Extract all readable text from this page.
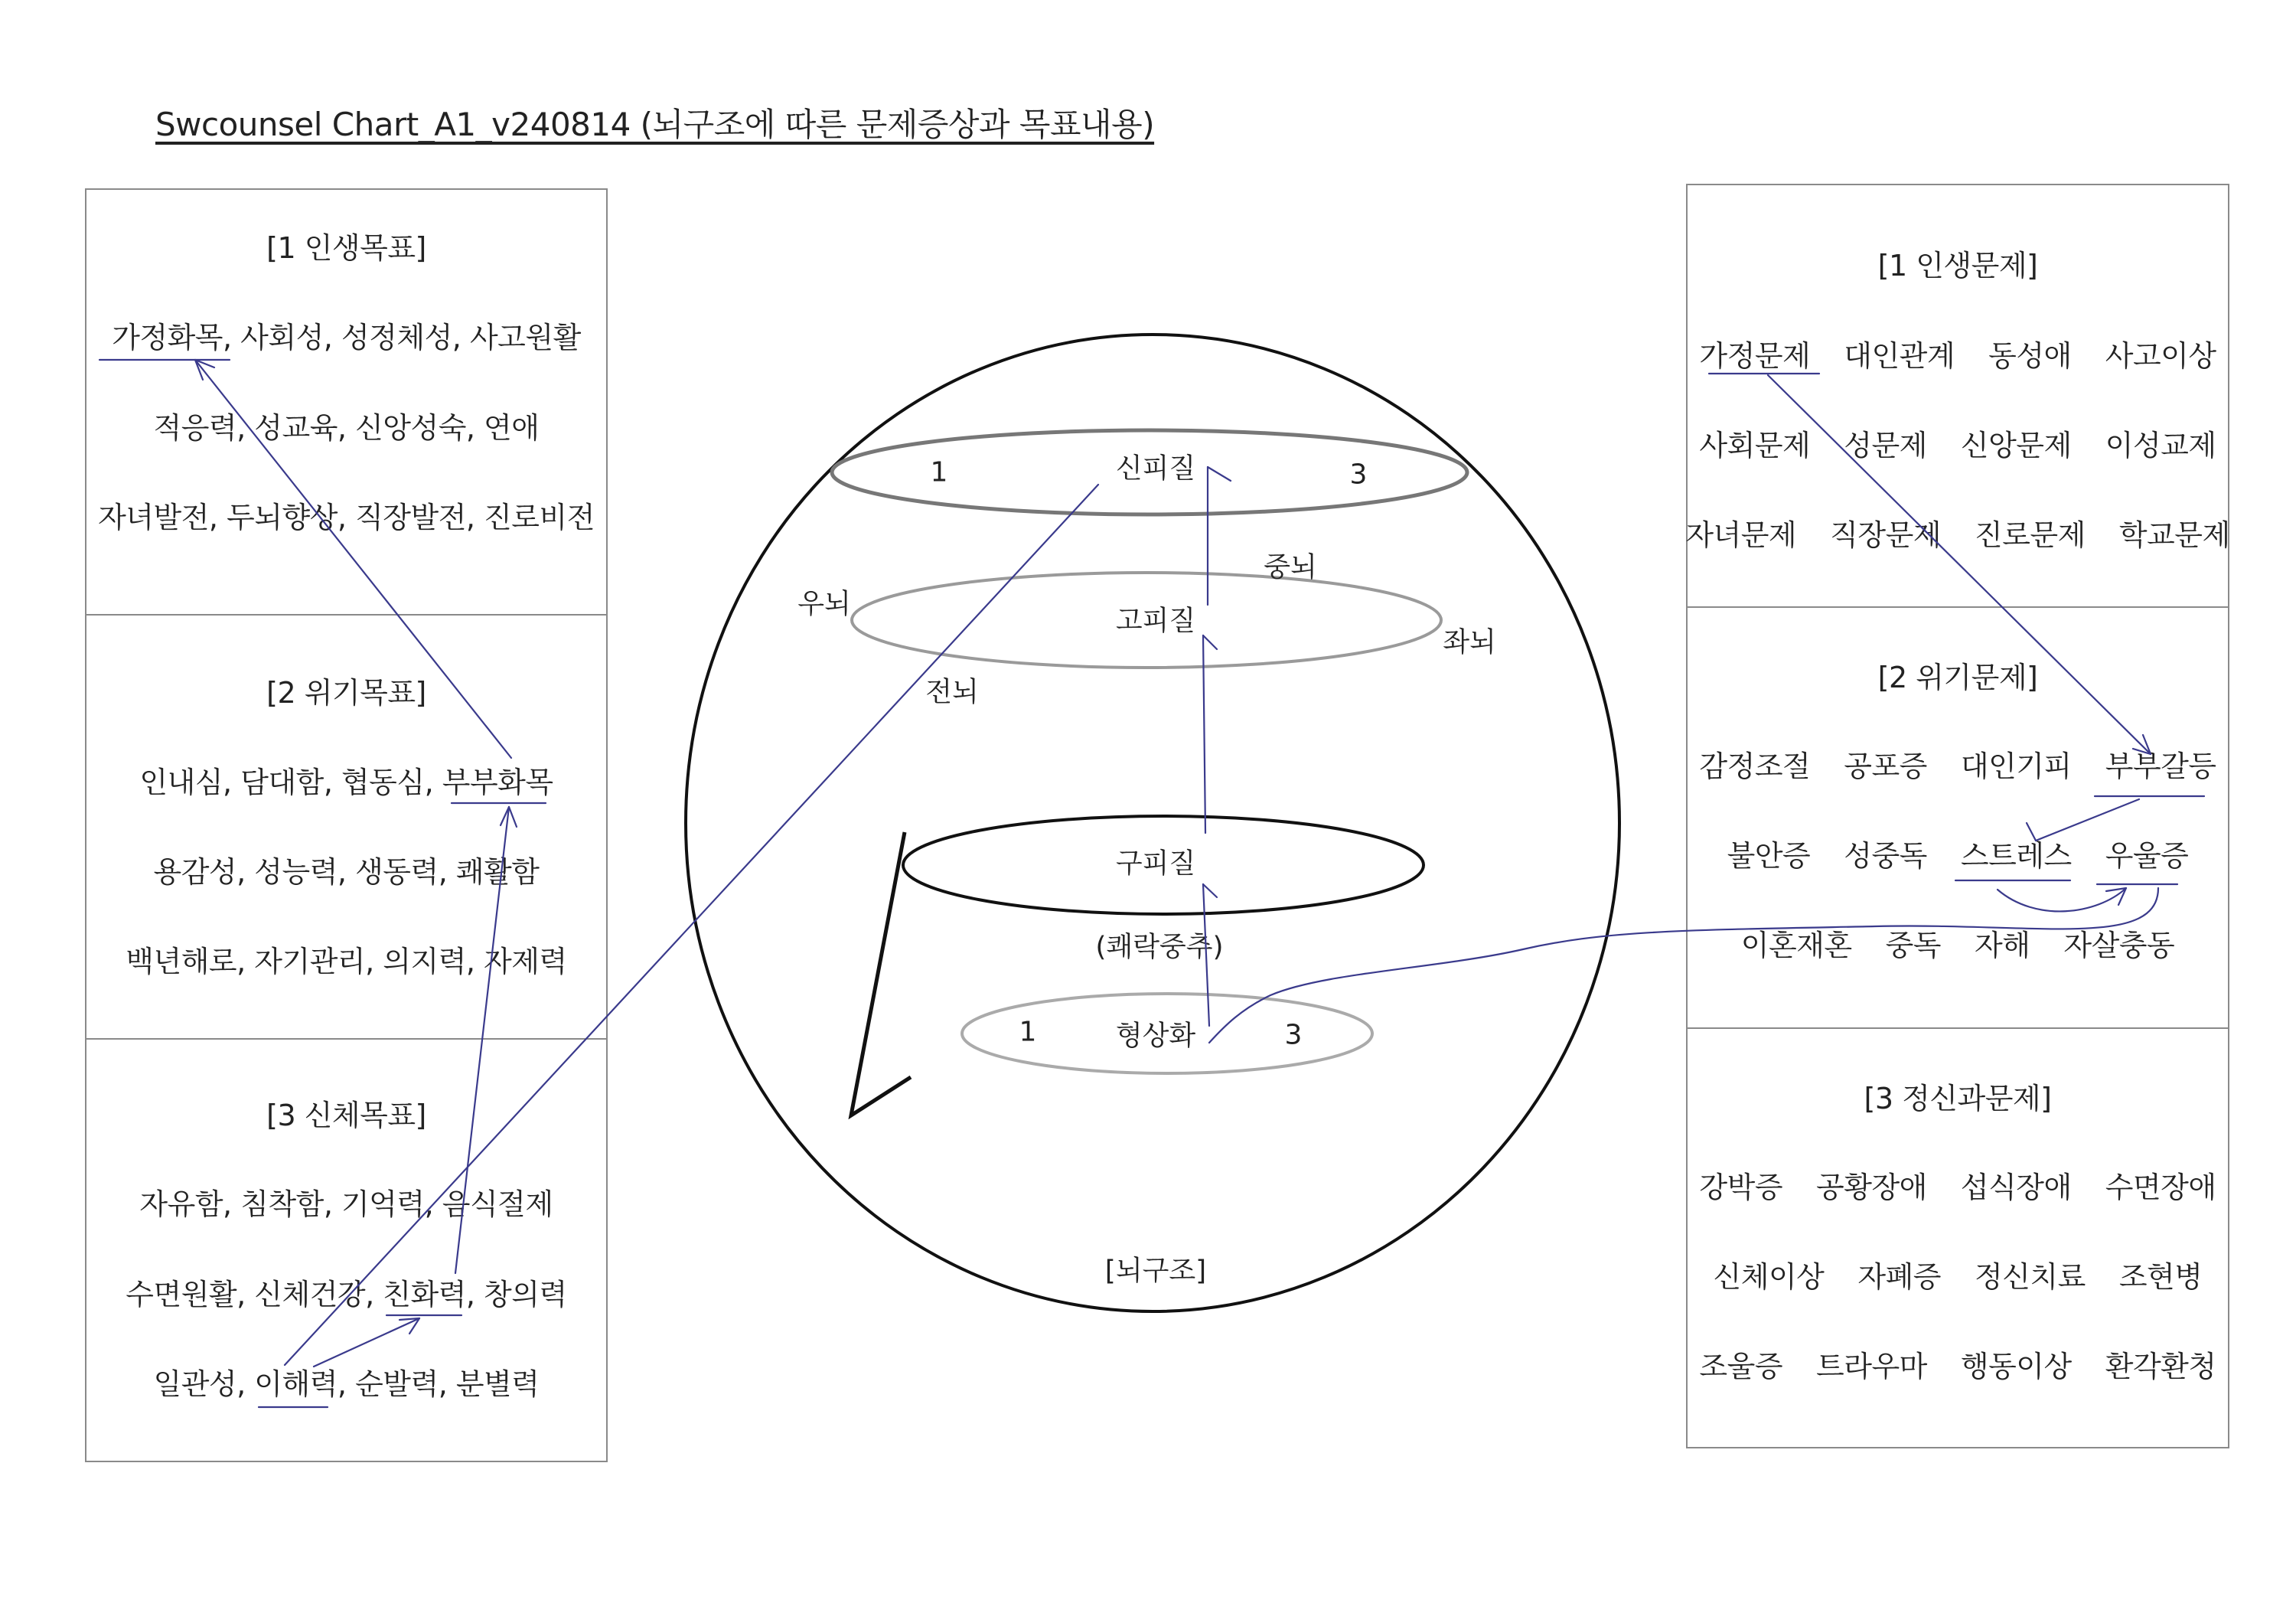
Swcounsel Chart_A1_v240814 (뇌구조에 따른 문제증상과 목표내용)
[1 인생목표]
가정화목, 사회성, 성정체성, 사고원활
적응력, 성교육, 신앙성숙, 연애
자녀발전, 두뇌향상, 직장발전, 진로비전
[2 위기목표]
인내심, 담대함, 협동심, 부부화목
용감성, 성능력, 생동력, 쾌활함
백년해로, 자기관리, 의지력, 자제력
[3 신체목표]
자유함, 침착함, 기억력, 음식절제
수면원활, 신체건강, 친화력, 창의력
일관성, 이해력, 순발력, 분별력
[1 인생문제]
가정문제 대인관계 동성애 사고이상
사회문제 성문제 신앙문제 이성교제
자녀문제 직장문제 진로문제 학교문제
[2 위기문제]
감정조절 공포증 대인기피 부부갈등
불안증 성중독 스트레스 우울증
이혼재혼 중독 자해 자살충동
[3 정신과문제]
강박증 공황장애 섭식장애 수면장애
신체이상 자폐증 정신치료 조현병
조울증 트라우마 행동이상 환각환청
1	신피질	3
중뇌
우뇌
고피질
좌뇌
전뇌
구피질
(쾌락중추)
1	형상화	3
[뇌구조]
